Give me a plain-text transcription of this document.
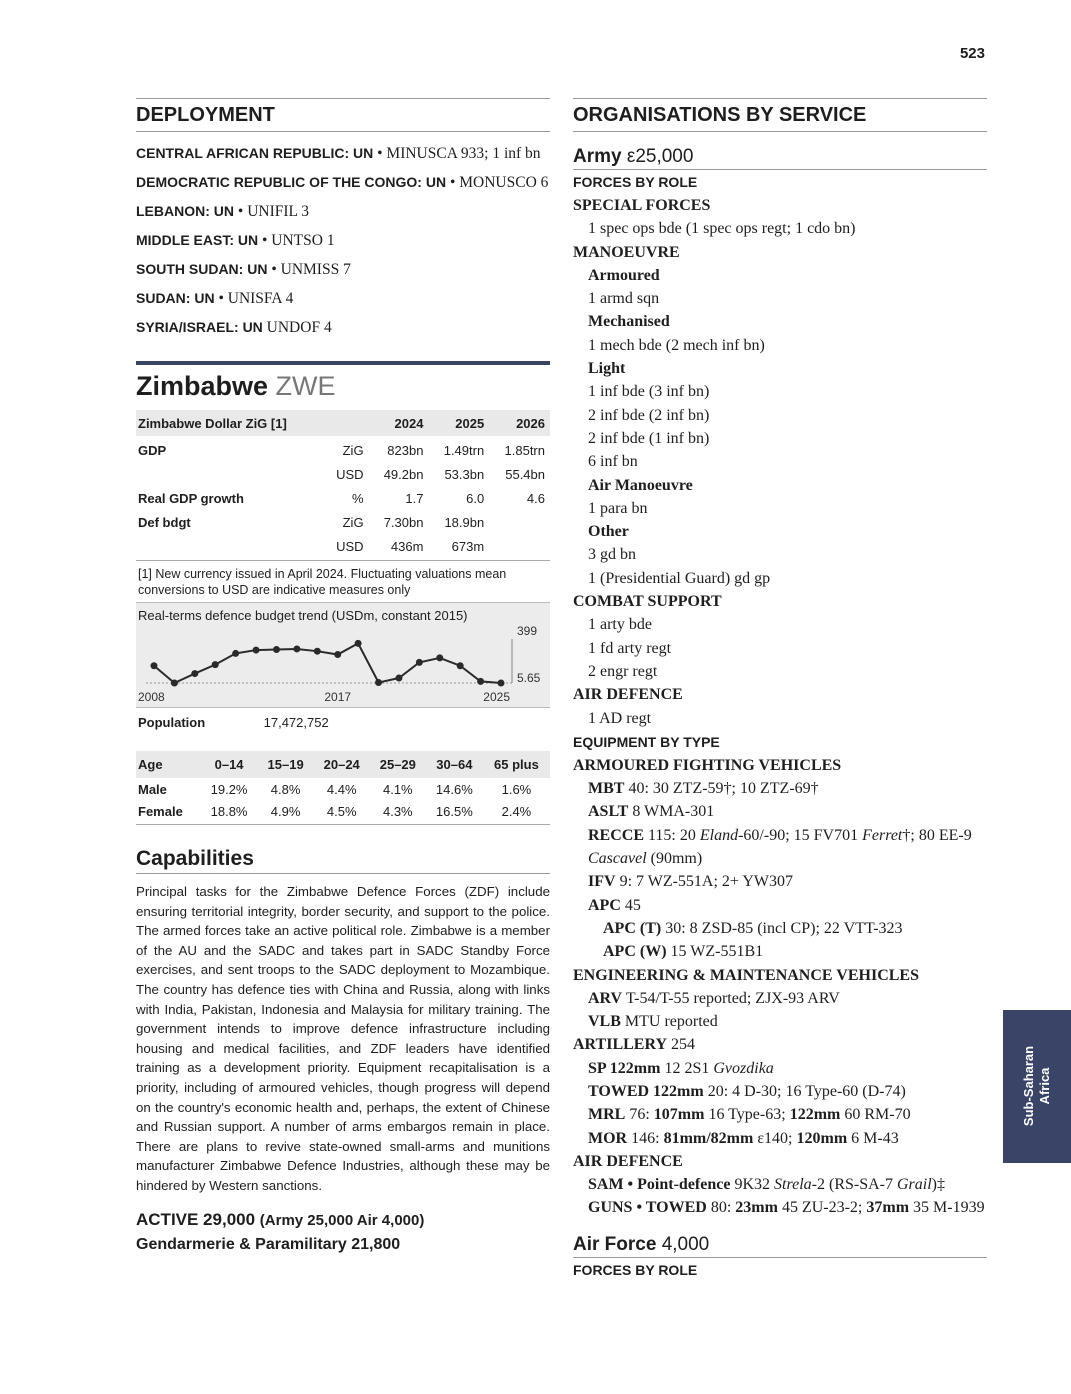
523
DEPLOYMENT
CENTRAL AFRICAN REPUBLIC: UN • MINUSCA 933; 1 inf bn
DEMOCRATIC REPUBLIC OF THE CONGO: UN • MONUSCO 6
LEBANON: UN • UNIFIL 3
MIDDLE EAST: UN • UNTSO 1
SOUTH SUDAN: UN • UNMISS 7
SUDAN: UN • UNISFA 4
SYRIA/ISRAEL: UN UNDOF 4
Zimbabwe ZWE
Zimbabwe Dollar ZiG [1]		2024	2025	2026
GDP	ZiG	823bn	1.49trn	1.85trn
	USD	49.2bn	53.3bn	55.4bn
Real GDP growth	%	1.7	6.0	4.6
Def bdgt	ZiG	7.30bn	18.9bn	
	USD	436m	673m	
[1] New currency issued in April 2024. Fluctuating valuations mean conversions to USD are indicative measures only
Real-terms defence budget trend (USDm, constant 2015)
399
5.65
2008	2017	2025
Population	17,472,752
Age	0–14	15–19	20–24	25–29	30–64	65 plus
Male	19.2%	4.8%	4.4%	4.1%	14.6%	1.6%
Female	18.8%	4.9%	4.5%	4.3%	16.5%	2.4%
Capabilities
Principal tasks for the Zimbabwe Defence Forces (ZDF) include ensuring territorial integrity, border security, and support to the police. The armed forces take an active political role. Zimbabwe is a member of the AU and the SADC and takes part in SADC Standby Force exercises, and sent troops to the SADC deployment to Mozambique. The country has defence ties with China and Russia, along with links with India, Pakistan, Indonesia and Malaysia for military training. The government intends to improve defence infrastructure including housing and medical facilities, and ZDF leaders have identified training as a development priority. Equipment recapitalisation is a priority, including of armoured vehicles, though progress will depend on the country's economic health and, perhaps, the extent of Chinese and Russian support. A number of arms embargos remain in place. There are plans to revive state-owned small-arms and munitions manufacturer Zimbabwe Defence Industries, although these may be hindered by Western sanctions.
ACTIVE 29,000 (Army 25,000 Air 4,000)
Gendarmerie & Paramilitary 21,800
ORGANISATIONS BY SERVICE
Army ε25,000
FORCES BY ROLE
SPECIAL FORCES
1 spec ops bde (1 spec ops regt; 1 cdo bn)
MANOEUVRE
Armoured
1 armd sqn
Mechanised
1 mech bde (2 mech inf bn)
Light
1 inf bde (3 inf bn)
2 inf bde (2 inf bn)
2 inf bde (1 inf bn)
6 inf bn
Air Manoeuvre
1 para bn
Other
3 gd bn
1 (Presidential Guard) gd gp
COMBAT SUPPORT
1 arty bde
1 fd arty regt
2 engr regt
AIR DEFENCE
1 AD regt
EQUIPMENT BY TYPE
ARMOURED FIGHTING VEHICLES
MBT 40: 30 ZTZ-59†; 10 ZTZ-69†
ASLT 8 WMA-301
RECCE 115: 20 Eland-60/-90; 15 FV701 Ferret†; 80 EE-9 Cascavel (90mm)
IFV 9: 7 WZ-551A; 2+ YW307
APC 45
APC (T) 30: 8 ZSD-85 (incl CP); 22 VTT-323
APC (W) 15 WZ-551B1
ENGINEERING & MAINTENANCE VEHICLES
ARV T-54/T-55 reported; ZJX-93 ARV
VLB MTU reported
ARTILLERY 254
SP 122mm 12 2S1 Gvozdika
TOWED 122mm 20: 4 D-30; 16 Type-60 (D-74)
MRL 76: 107mm 16 Type-63; 122mm 60 RM-70
MOR 146: 81mm/82mm ε140; 120mm 6 M-43
AIR DEFENCE
SAM • Point-defence 9K32 Strela-2 (RS-SA-7 Grail)‡
GUNS • TOWED 80: 23mm 45 ZU-23-2; 37mm 35 M-1939
Air Force 4,000
FORCES BY ROLE
Sub-Saharan Africa
